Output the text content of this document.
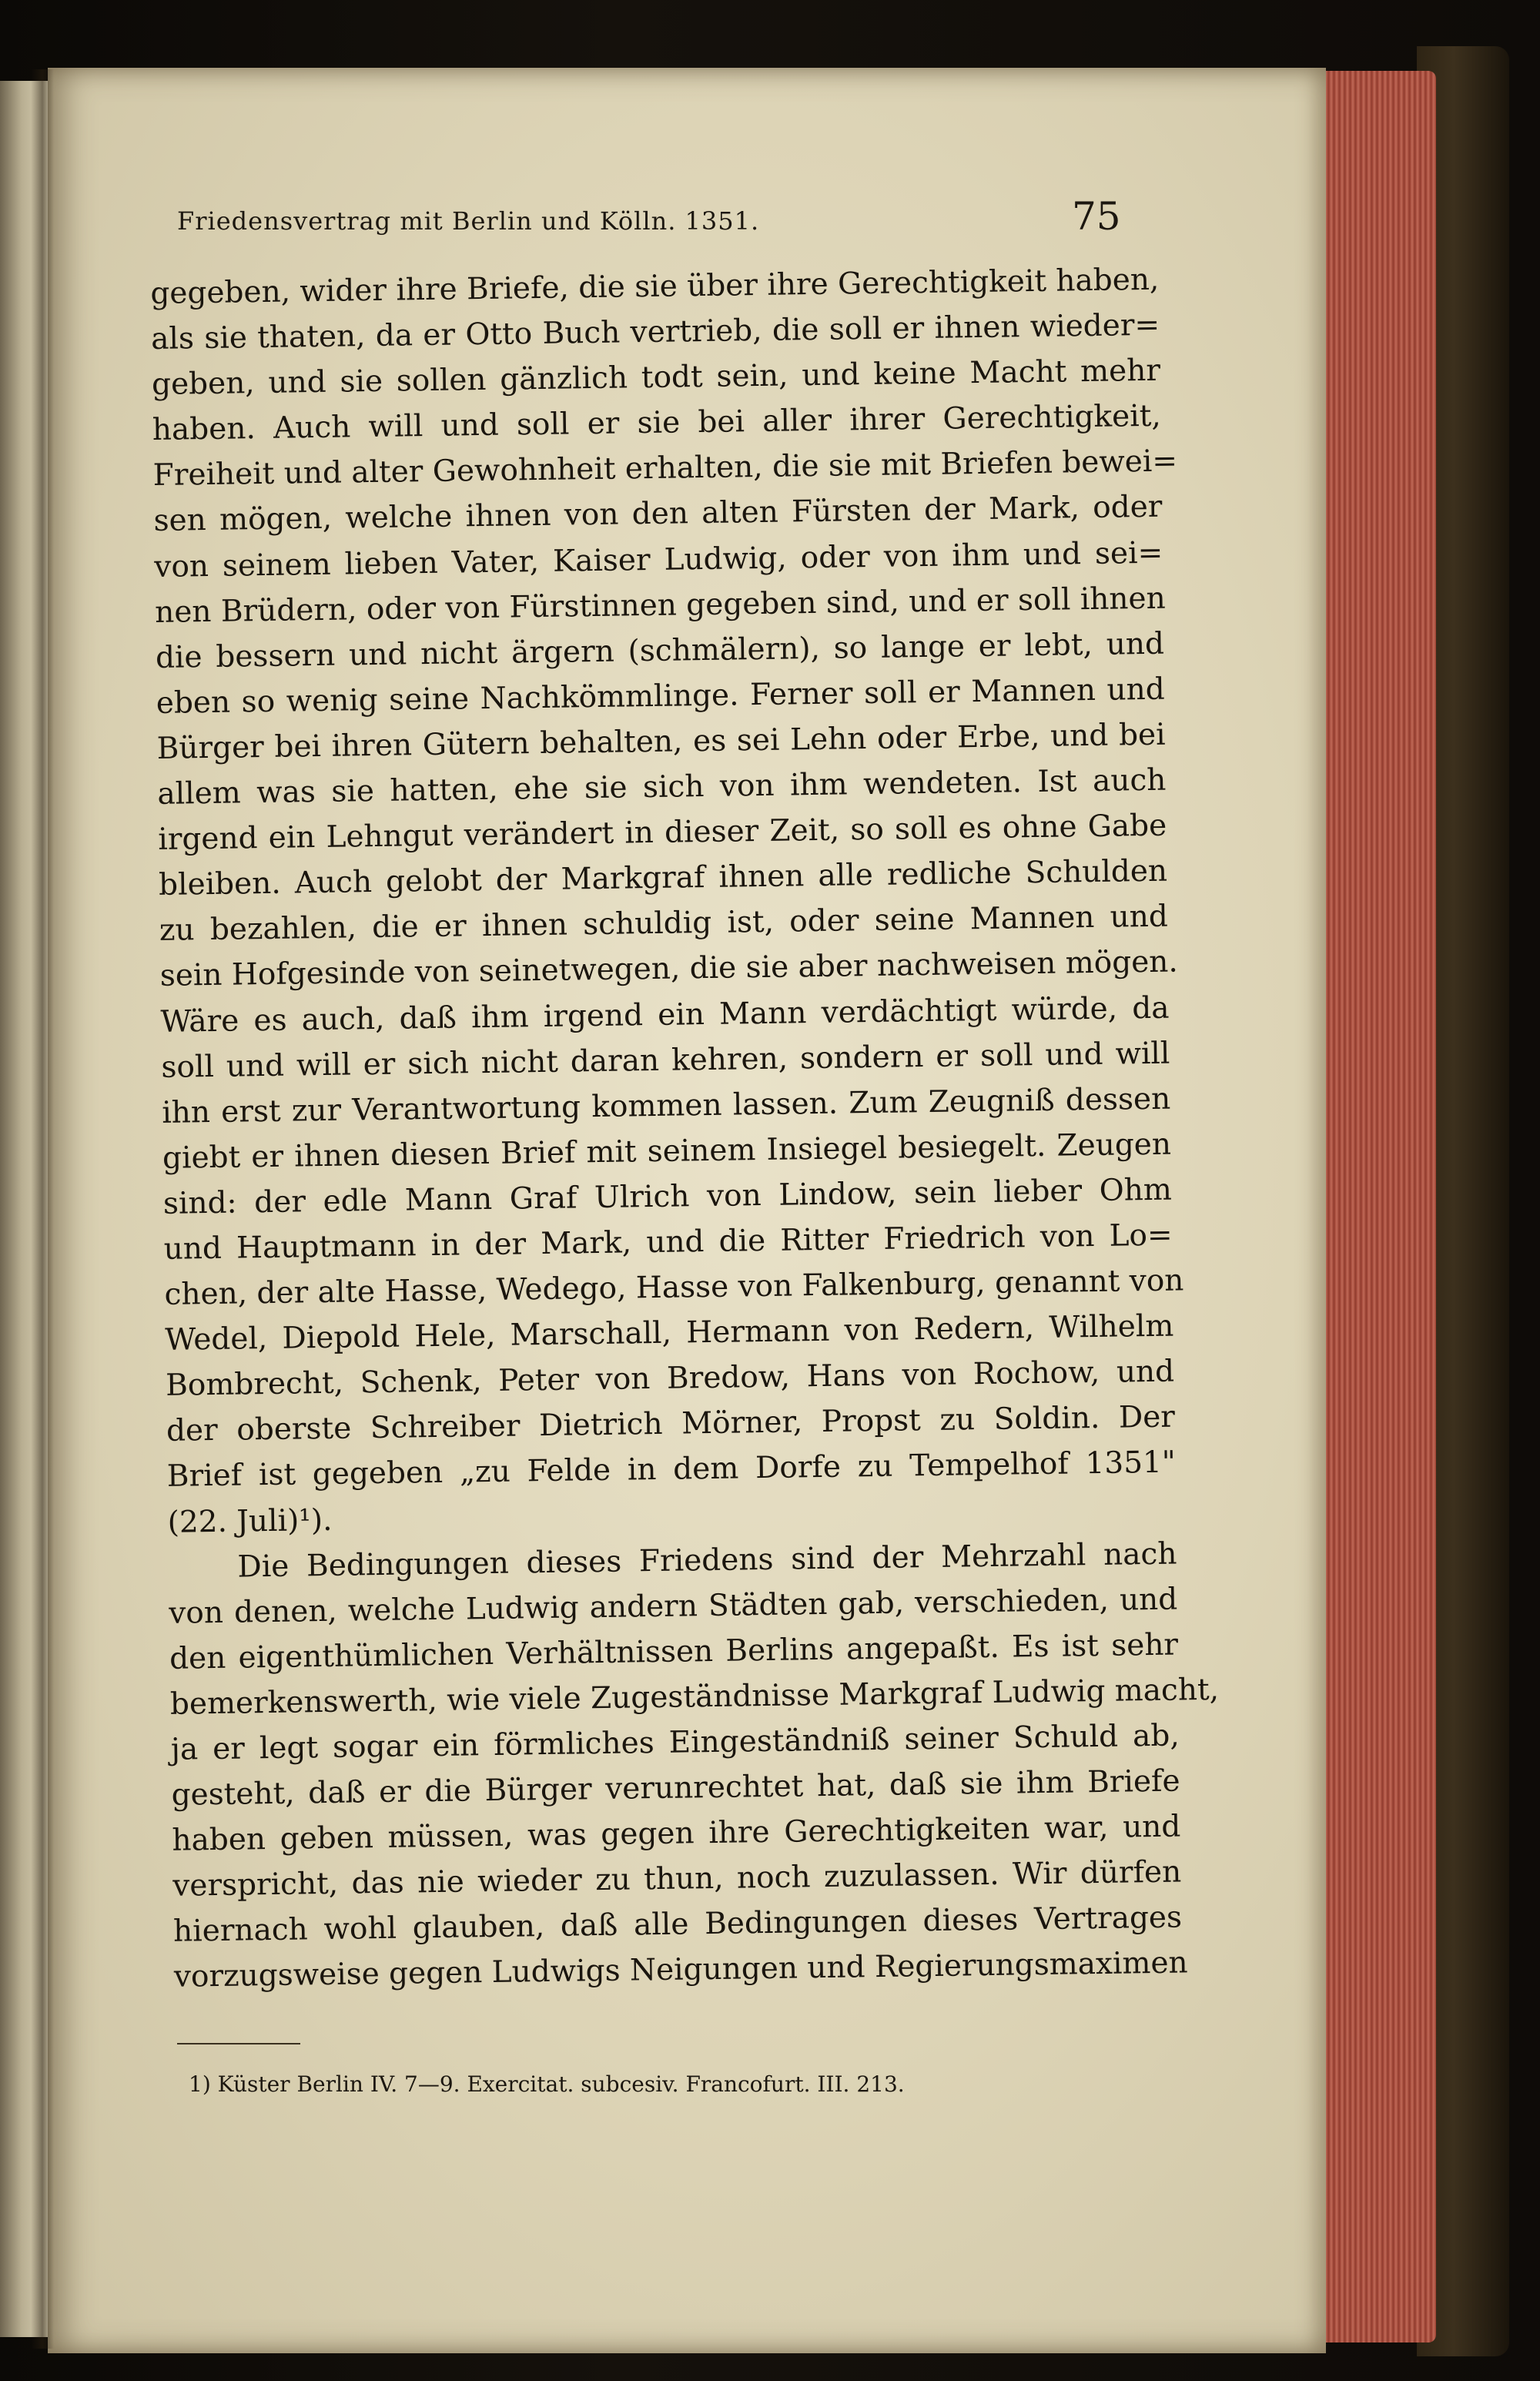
Friedensvertrag mit Berlin und Kölln. 1351.	75
gegeben, wider ihre Briefe, die sie über ihre Gerechtigkeit haben,
als sie thaten, da er Otto Buch vertrieb, die soll er ihnen wieder=
geben, und sie sollen gänzlich todt sein, und keine Macht mehr
haben. Auch will und soll er sie bei aller ihrer Gerechtigkeit,
Freiheit und alter Gewohnheit erhalten, die sie mit Briefen bewei=
sen mögen, welche ihnen von den alten Fürsten der Mark, oder
von seinem lieben Vater, Kaiser Ludwig, oder von ihm und sei=
nen Brüdern, oder von Fürstinnen gegeben sind, und er soll ihnen
die bessern und nicht ärgern (schmälern), so lange er lebt, und
eben so wenig seine Nachkömmlinge. Ferner soll er Mannen und
Bürger bei ihren Gütern behalten, es sei Lehn oder Erbe, und bei
allem was sie hatten, ehe sie sich von ihm wendeten. Ist auch
irgend ein Lehngut verändert in dieser Zeit, so soll es ohne Gabe
bleiben. Auch gelobt der Markgraf ihnen alle redliche Schulden
zu bezahlen, die er ihnen schuldig ist, oder seine Mannen und
sein Hofgesinde von seinetwegen, die sie aber nachweisen mögen.
Wäre es auch, daß ihm irgend ein Mann verdächtigt würde, da
soll und will er sich nicht daran kehren, sondern er soll und will
ihn erst zur Verantwortung kommen lassen. Zum Zeugniß dessen
giebt er ihnen diesen Brief mit seinem Insiegel besiegelt. Zeugen
sind: der edle Mann Graf Ulrich von Lindow, sein lieber Ohm
und Hauptmann in der Mark, und die Ritter Friedrich von Lo=
chen, der alte Hasse, Wedego, Hasse von Falkenburg, genannt von
Wedel, Diepold Hele, Marschall, Hermann von Redern, Wilhelm
Bombrecht, Schenk, Peter von Bredow, Hans von Rochow, und
der oberste Schreiber Dietrich Mörner, Propst zu Soldin. Der
Brief ist gegeben „zu Felde in dem Dorfe zu Tempelhof 1351"
(22. Juli)¹).
Die Bedingungen dieses Friedens sind der Mehrzahl nach
von denen, welche Ludwig andern Städten gab, verschieden, und
den eigenthümlichen Verhältnissen Berlins angepaßt. Es ist sehr
bemerkenswerth, wie viele Zugeständnisse Markgraf Ludwig macht,
ja er legt sogar ein förmliches Eingeständniß seiner Schuld ab,
gesteht, daß er die Bürger verunrechtet hat, daß sie ihm Briefe
haben geben müssen, was gegen ihre Gerechtigkeiten war, und
verspricht, das nie wieder zu thun, noch zuzulassen. Wir dürfen
hiernach wohl glauben, daß alle Bedingungen dieses Vertrages
vorzugsweise gegen Ludwigs Neigungen und Regierungsmaximen
1) Küster Berlin IV. 7—9. Exercitat. subcesiv. Francofurt. III. 213.
